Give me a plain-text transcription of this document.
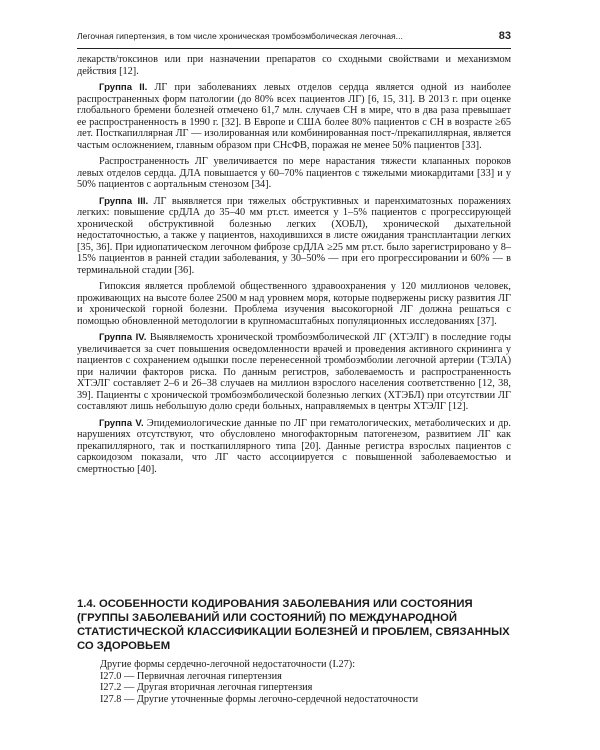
Легочная гипертензия, в том числе хроническая тромбоэмболическая легочная...	83

лекарств/токсинов или при назначении препаратов со сходными свойствами и механизмом действия [12].

Группа II. ЛГ при заболеваниях левых отделов сердца является одной из наиболее распространенных форм патологии (до 80% всех пациентов ЛГ) [6, 15, 31]. В 2013 г. при оценке глобального бремени болезней отмечено 61,7 млн. случаев СН в мире, что в два раза превышает ее распространенность в 1990 г. [32]. В Европе и США более 80% пациентов с СН в возрасте ≥65 лет. Посткапиллярная ЛГ — изолированная или комбинированная пост-/прекапиллярная, является частым осложнением, главным образом при СНсФВ, поражая не менее 50% пациентов [33].

Распространенность ЛГ увеличивается по мере нарастания тяжести клапанных пороков левых отделов сердца. ДЛА повышается у 60–70% пациентов с тяжелыми миокардитами [33] и у 50% пациентов с аортальным стенозом [34].

Группа III. ЛГ выявляется при тяжелых обструктивных и паренхиматозных поражениях легких: повышение срДЛА до 35–40 мм рт.ст. имеется у 1–5% пациентов с прогрессирующей хронической обструктивной болезнью легких (ХОБЛ), хронической дыхательной недостаточностью, а также у пациентов, находившихся в листе ожидания трансплантации легких [35, 36]. При идиопатическом легочном фиброзе срДЛА ≥25 мм рт.ст. было зарегистрировано у 8–15% пациентов в ранней стадии заболевания, у 30–50% — при его прогрессировании и 60% — в терминальной стадии [36].

Гипоксия является проблемой общественного здравоохранения у 120 миллионов человек, проживающих на высоте более 2500 м над уровнем моря, которые подвержены риску развития ЛГ и хронической горной болезни. Проблема изучения высокогорной ЛГ должна решаться с помощью обновленной методологии в крупномасштабных популяционных исследованиях [37].

Группа IV. Выявляемость хронической тромбоэмболической ЛГ (ХТЭЛГ) в последние годы увеличивается за счет повышения осведомленности врачей и проведения активного скрининга у пациентов с сохранением одышки после перенесенной тромбоэмболии легочной артерии (ТЭЛА) при наличии факторов риска. По данным регистров, заболеваемость и распространенность ХТЭЛГ составляет 2–6 и 26–38 случаев на миллион взрослого населения соответственно [12, 38, 39]. Пациенты с хронической тромбоэмболической болезнью легких (ХТЭБЛ) при отсутствии ЛГ составляют лишь небольшую долю среди больных, направляемых в центры ХТЭЛГ [12].

Группа V. Эпидемиологические данные по ЛГ при гематологических, метаболических и др. нарушениях отсутствуют, что обусловлено многофакторным патогенезом, развитием ЛГ как прекапиллярного, так и посткапиллярного типа [20]. Данные регистра взрослых пациентов с саркоидозом показали, что ЛГ часто ассоциируется с повышенной заболеваемостью и смертностью [40].

1.4. ОСОБЕННОСТИ КОДИРОВАНИЯ ЗАБОЛЕВАНИЯ ИЛИ СОСТОЯНИЯ (ГРУППЫ ЗАБОЛЕВАНИЙ ИЛИ СОСТОЯНИЙ) ПО МЕЖДУНАРОДНОЙ СТАТИСТИЧЕСКОЙ КЛАССИФИКАЦИИ БОЛЕЗНЕЙ И ПРОБЛЕМ, СВЯЗАННЫХ СО ЗДОРОВЬЕМ
Другие формы сердечно-легочной недостаточности (I.27):
I27.0 — Первичная легочная гипертензия
I27.2 — Другая вторичная легочная гипертензия
I27.8 — Другие уточненные формы легочно-сердечной недостаточности
